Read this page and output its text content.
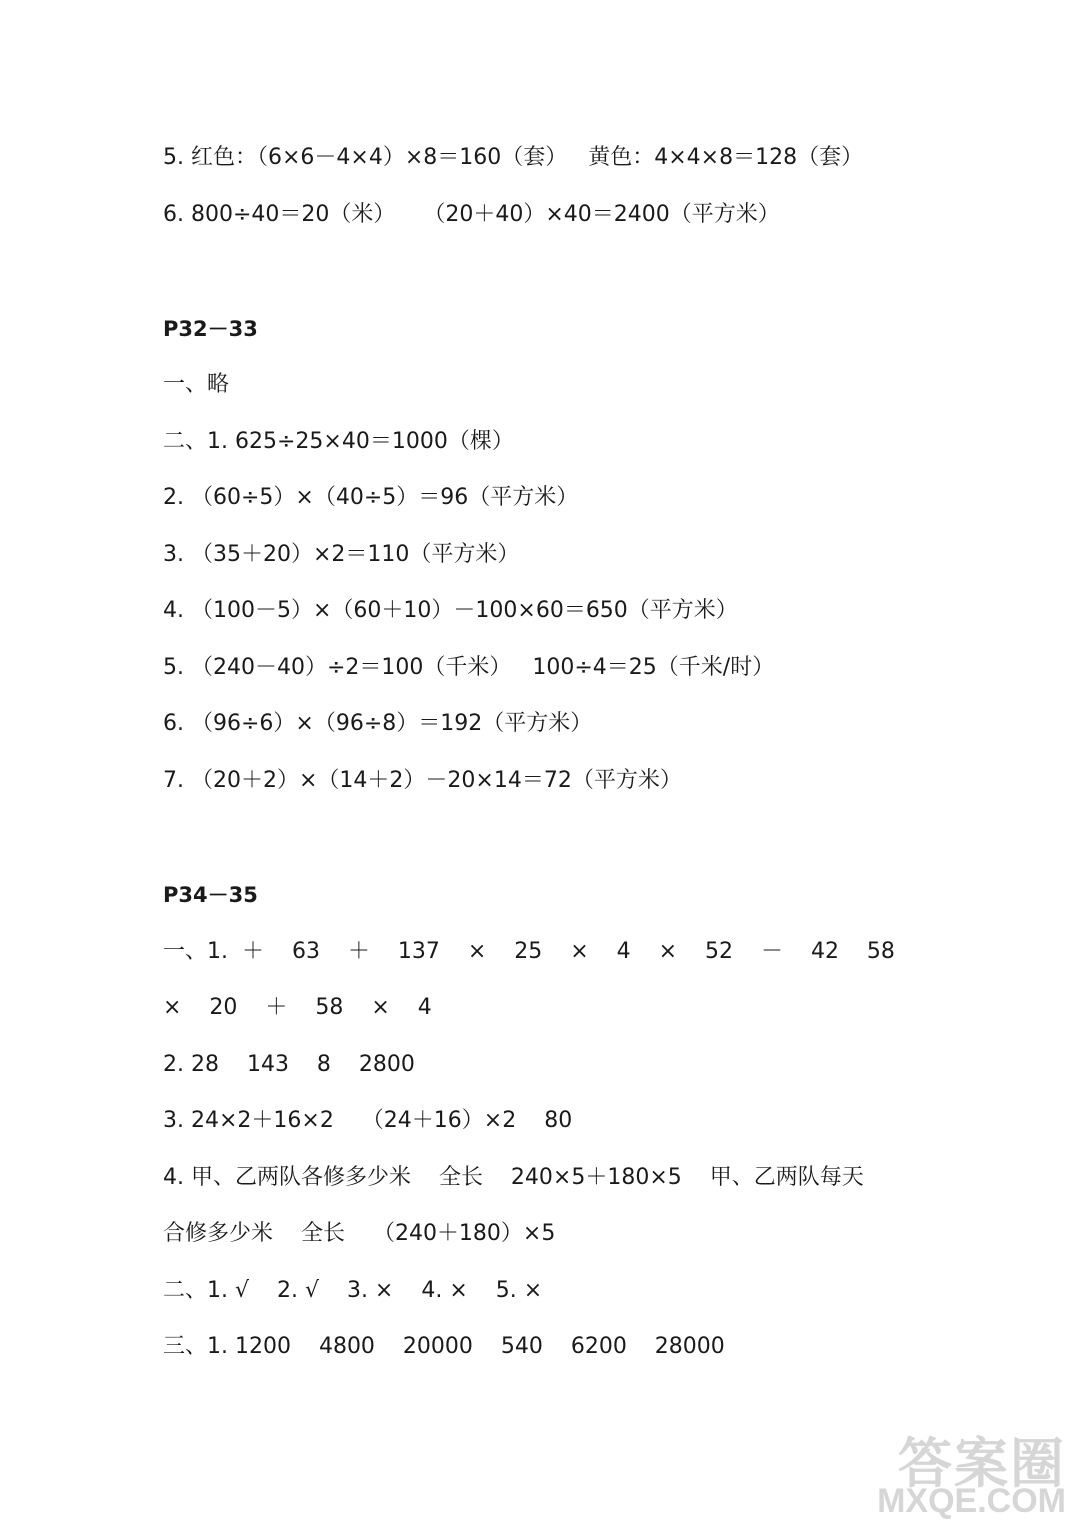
5. 红色：（6×6－4×4）×8＝160（套）   黄色：4×4×8＝128（套）

6. 800÷40＝20（米）    （20＋40）×40＝2400（平方米）

P32－33

一、略

二、1. 625÷25×40＝1000（棵）

2. （60÷5）×（40÷5）＝96（平方米）

3. （35＋20）×2＝110（平方米）

4. （100－5）×（60＋10）－100×60＝650（平方米）

5. （240－40）÷2＝100（千米）   100÷4＝25（千米/时）

6. （96÷6）×（96÷8）＝192（平方米）

7. （20＋2）×（14＋2）－20×14＝72（平方米）

P34－35

一、1.  ＋    63    ＋    137    ×    25    ×    4    ×    52    －    42    58

×    20    ＋    58    ×    4

2. 28    143    8    2800

3. 24×2＋16×2    （24＋16）×2    80

4. 甲、乙两队各修多少米    全长    240×5＋180×5    甲、乙两队每天

合修多少米    全长    （240＋180）×5

二、1. √    2. √    3. ×    4. ×    5. ×

三、1. 1200    4800    20000    540    6200    28000

答案圈
MXQE.COM
